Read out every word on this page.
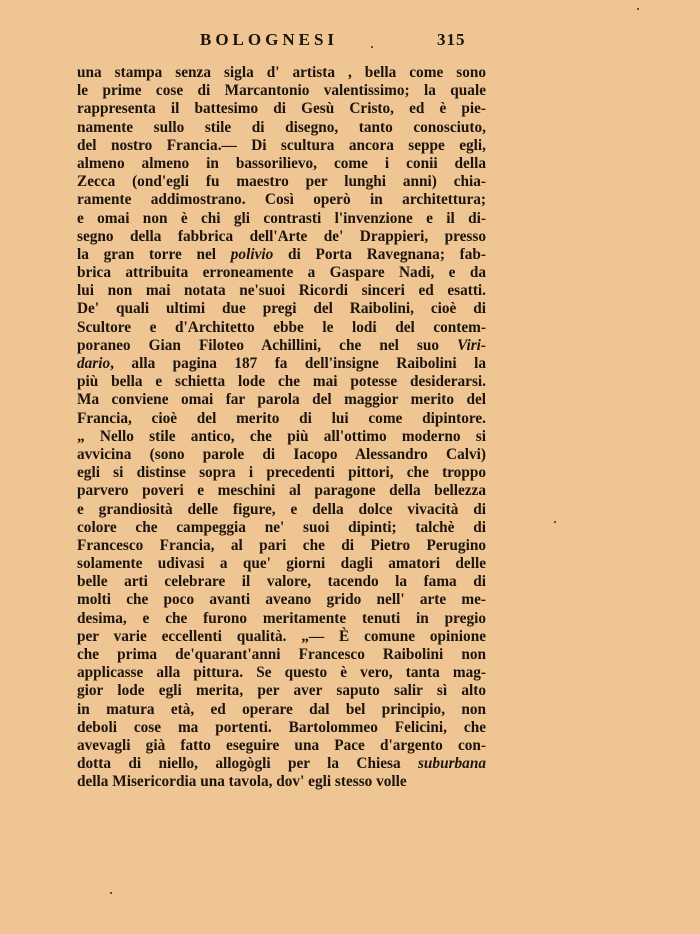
BOLOGNESI	315
una stampa senza sigla d' artista , bella come sono
le prime cose di Marcantonio valentissimo; la quale
rappresenta il battesimo di Gesù Cristo, ed è pie-
namente sullo stile di disegno, tanto conosciuto,
del nostro Francia.— Di scultura ancora seppe egli,
almeno almeno in bassorilievo, come i conii della
Zecca (ond'egli fu maestro per lunghi anni) chia-
ramente addimostrano. Così operò in architettura;
e omai non è chi gli contrasti l'invenzione e il di-
segno della fabbrica dell'Arte de' Drappieri, presso
la gran torre nel polivio di Porta Ravegnana; fab-
brica attribuita erroneamente a Gaspare Nadi, e da
lui non mai notata ne'suoi Ricordi sinceri ed esatti.
De' quali ultimi due pregi del Raibolini, cioè di
Scultore e d'Architetto ebbe le lodi del contem-
poraneo Gian Filoteo Achillini, che nel suo Viri-
dario, alla pagina 187 fa dell'insigne Raibolini la
più bella e schietta lode che mai potesse desiderarsi.
Ma conviene omai far parola del maggior merito del
Francia, cioè del merito di lui come dipintore.
„ Nello stile antico, che più all'ottimo moderno si
avvicina (sono parole di Iacopo Alessandro Calvi)
egli si distinse sopra i precedenti pittori, che troppo
parvero poveri e meschini al paragone della bellezza
e grandiosità delle figure, e della dolce vivacità di
colore che campeggia ne' suoi dipinti; talchè di
Francesco Francia, al pari che di Pietro Perugino
solamente udivasi a que' giorni dagli amatori delle
belle arti celebrare il valore, tacendo la fama di
molti che poco avanti aveano grido nell' arte me-
desima, e che furono meritamente tenuti in pregio
per varie eccellenti qualità. „— È comune opinione
che prima de'quarant'anni Francesco Raibolini non
applicasse alla pittura. Se questo è vero, tanta mag-
gior lode egli merita, per aver saputo salir sì alto
in matura età, ed operare dal bel principio, non
deboli cose ma portenti. Bartolommeo Felicini, che
avevagli già fatto eseguire una Pace d'argento con-
dotta di niello, allogògli per la Chiesa suburbana
della Misericordia una tavola, dov' egli stesso volle
